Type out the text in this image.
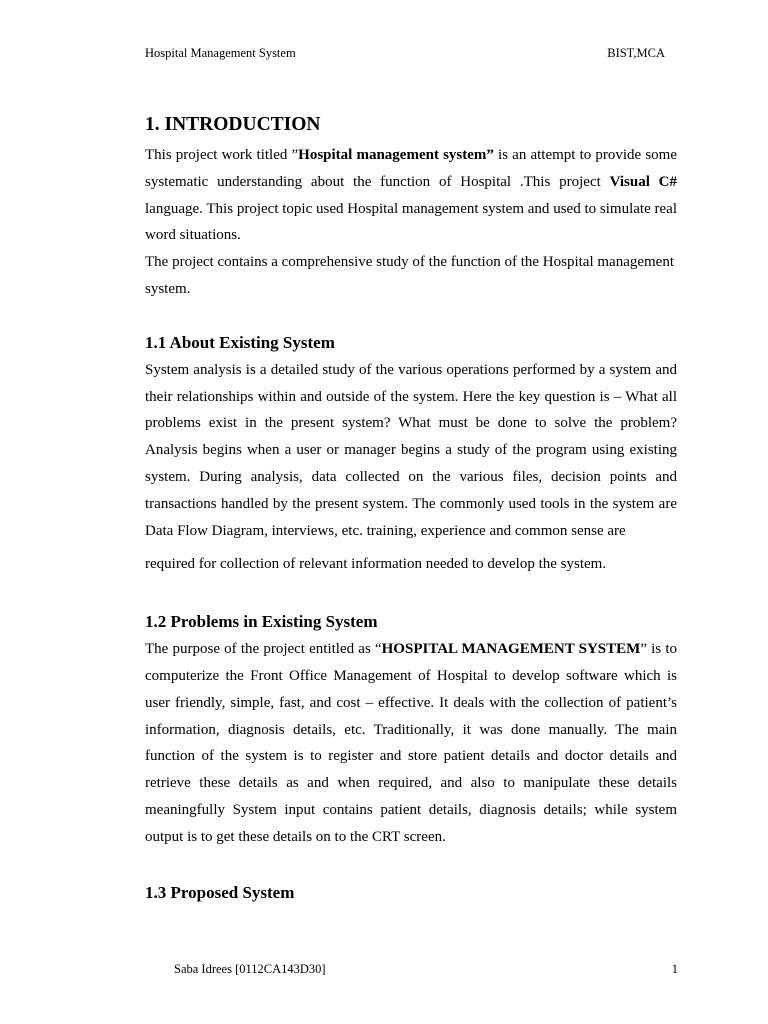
Hospital Management System	BIST,MCA
1. INTRODUCTION

This project work titled ”Hospital management system” is an attempt to provide some systematic understanding about the function of Hospital .This project Visual C# language. This project topic used Hospital management system and used to simulate real word situations.

The project contains a comprehensive study of the function of the Hospital management system.

1.1 About Existing System

System analysis is a detailed study of the various operations performed by a system and their relationships within and outside of the system. Here the key question is – What all problems exist in the present system? What must be done to solve the problem? Analysis begins when a user or manager begins a study of the program using existing system. During analysis, data collected on the various files, decision points and transactions handled by the present system. The commonly used tools in the system are Data Flow Diagram, interviews, etc. training, experience and common sense are

required for collection of relevant information needed to develop the system.

1.2 Problems in Existing System

The purpose of the project entitled as “HOSPITAL MANAGEMENT SYSTEM” is to computerize the Front Office Management of Hospital to develop software which is user friendly, simple, fast, and cost – effective. It deals with the collection of patient’s information, diagnosis details, etc. Traditionally, it was done manually. The main function of the system is to register and store patient details and doctor details and retrieve these details as and when required, and also to manipulate these details meaningfully System input contains patient details, diagnosis details; while system output is to get these details on to the CRT screen.

1.3 Proposed System
Saba Idrees [0112CA143D30]	1
